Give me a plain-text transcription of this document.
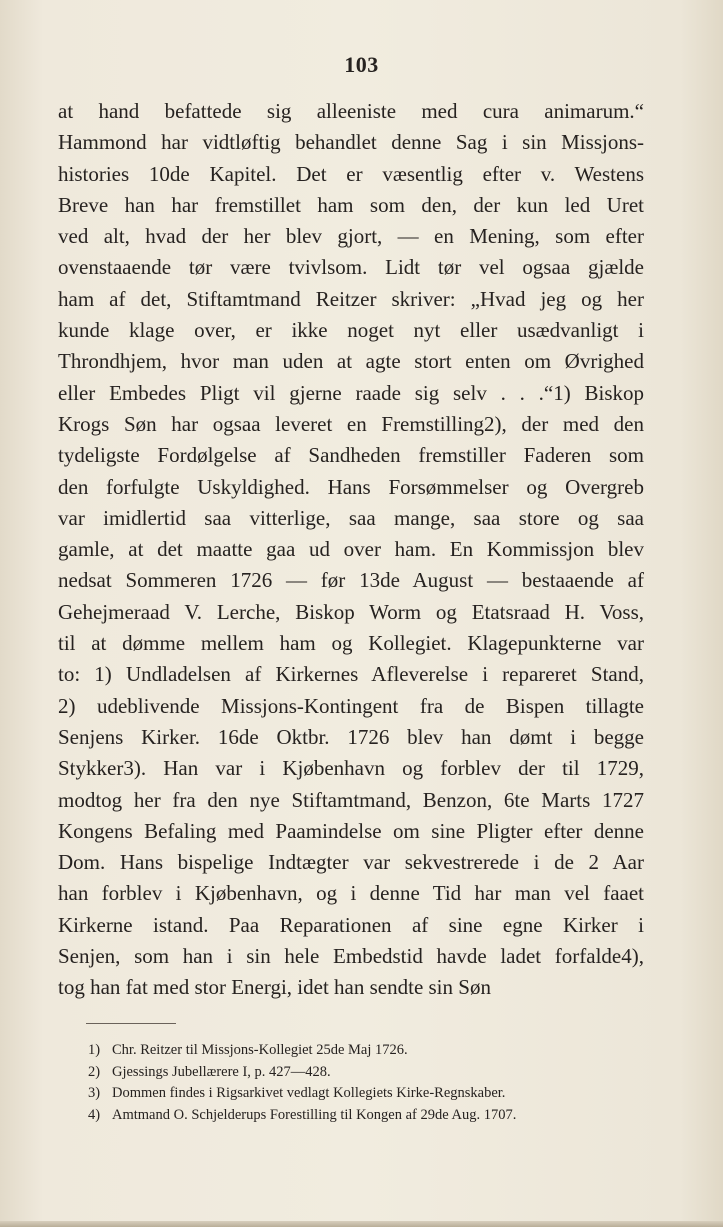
103
at hand befattede sig alleeniste med cura animarum.“
Hammond har vidtløftig behandlet denne Sag i sin Missjons-
histories 10de Kapitel. Det er væsentlig efter v. Westens
Breve han har fremstillet ham som den, der kun led Uret
ved alt, hvad der her blev gjort, — en Mening, som efter
ovenstaaende tør være tvivlsom. Lidt tør vel ogsaa gjælde
ham af det, Stiftamtmand Reitzer skriver: „Hvad jeg og her
kunde klage over, er ikke noget nyt eller usædvanligt i
Throndhjem, hvor man uden at agte stort enten om Øvrighed
eller Embedes Pligt vil gjerne raade sig selv . . .“1) Biskop
Krogs Søn har ogsaa leveret en Fremstilling2), der med den
tydeligste Fordølgelse af Sandheden fremstiller Faderen som
den forfulgte Uskyldighed. Hans Forsømmelser og Overgreb
var imidlertid saa vitterlige, saa mange, saa store og saa
gamle, at det maatte gaa ud over ham. En Kommissjon blev
nedsat Sommeren 1726 — før 13de August — bestaaende af
Gehejmeraad V. Lerche, Biskop Worm og Etatsraad H. Voss,
til at dømme mellem ham og Kollegiet. Klagepunkterne var
to: 1) Undladelsen af Kirkernes Afleverelse i repareret Stand,
2) udeblivende Missjons-Kontingent fra de Bispen tillagte
Senjens Kirker. 16de Oktbr. 1726 blev han dømt i begge
Stykker3). Han var i Kjøbenhavn og forblev der til 1729,
modtog her fra den nye Stiftamtmand, Benzon, 6te Marts 1727
Kongens Befaling med Paamindelse om sine Pligter efter denne
Dom. Hans bispelige Indtægter var sekvestrerede i de 2 Aar
han forblev i Kjøbenhavn, og i denne Tid har man vel faaet
Kirkerne istand. Paa Reparationen af sine egne Kirker i
Senjen, som han i sin hele Embedstid havde ladet forfalde4),
tog han fat med stor Energi, idet han sendte sin Søn
1) Chr. Reitzer til Missjons-Kollegiet 25de Maj 1726.
2) Gjessings Jubellærere I, p. 427—428.
3) Dommen findes i Rigsarkivet vedlagt Kollegiets Kirke-Regnskaber.
4) Amtmand O. Schjelderups Forestilling til Kongen af 29de Aug. 1707.
